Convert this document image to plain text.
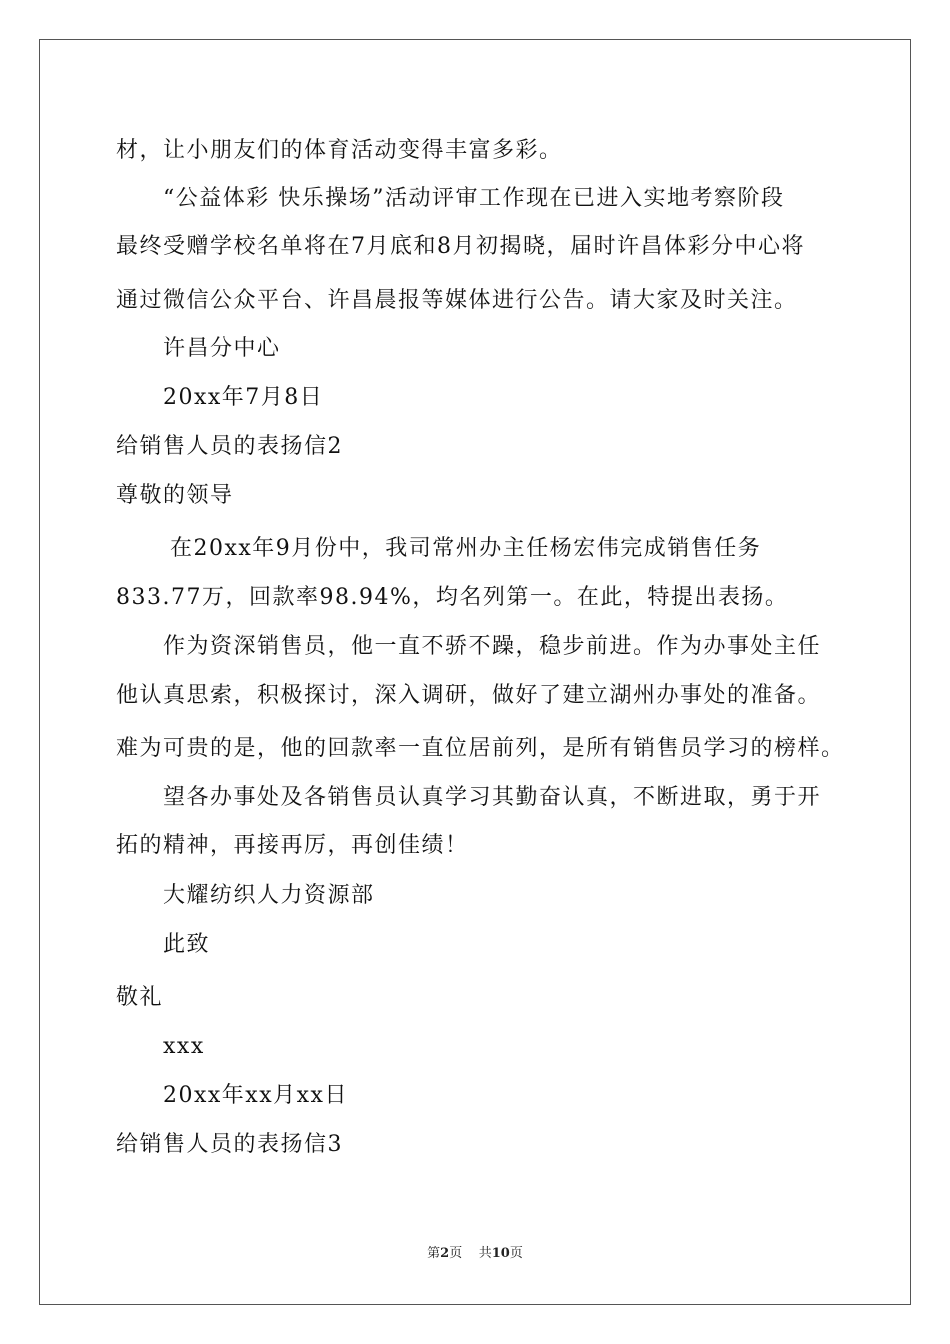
材，让小朋友们的体育活动变得丰富多彩。
“公益体彩 快乐操场”活动评审工作现在已进入实地考察阶段
最终受赠学校名单将在7月底和8月初揭晓，届时许昌体彩分中心将
通过微信公众平台、许昌晨报等媒体进行公告。请大家及时关注。
许昌分中心
20xx年7月8日
给销售人员的表扬信2
尊敬的领导
在20xx年9月份中，我司常州办主任杨宏伟完成销售任务
833.77万，回款率98.94%，均名列第一。在此，特提出表扬。
作为资深销售员，他一直不骄不躁，稳步前进。作为办事处主任
他认真思索，积极探讨，深入调研，做好了建立湖州办事处的准备。
难为可贵的是，他的回款率一直位居前列，是所有销售员学习的榜样。
望各办事处及各销售员认真学习其勤奋认真，不断进取，勇于开
拓的精神，再接再厉，再创佳绩！
大耀纺织人力资源部
此致
敬礼
xxx
20xx年xx月xx日
给销售人员的表扬信3
第2页 共10页
